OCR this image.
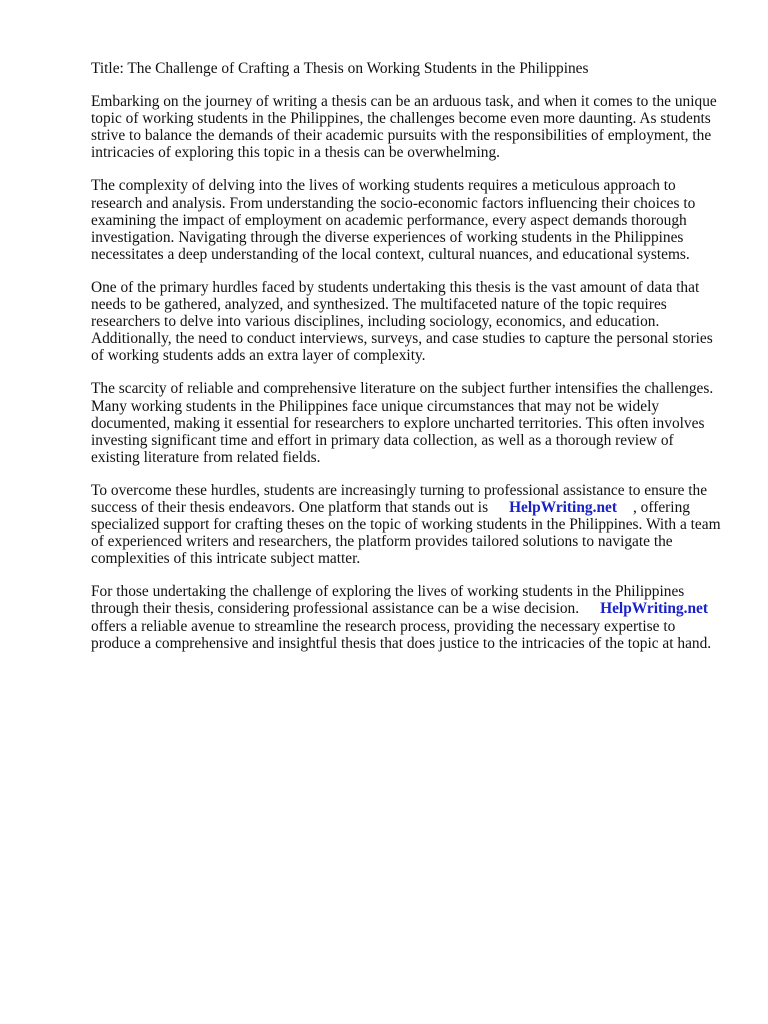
Title: The Challenge of Crafting a Thesis on Working Students in the Philippines

Embarking on the journey of writing a thesis can be an arduous task, and when it comes to the unique topic of working students in the Philippines, the challenges become even more daunting. As students strive to balance the demands of their academic pursuits with the responsibilities of employment, the intricacies of exploring this topic in a thesis can be overwhelming.

The complexity of delving into the lives of working students requires a meticulous approach to research and analysis. From understanding the socio-economic factors influencing their choices to examining the impact of employment on academic performance, every aspect demands thorough investigation. Navigating through the diverse experiences of working students in the Philippines necessitates a deep understanding of the local context, cultural nuances, and educational systems.

One of the primary hurdles faced by students undertaking this thesis is the vast amount of data that needs to be gathered, analyzed, and synthesized. The multifaceted nature of the topic requires researchers to delve into various disciplines, including sociology, economics, and education. Additionally, the need to conduct interviews, surveys, and case studies to capture the personal stories of working students adds an extra layer of complexity.

The scarcity of reliable and comprehensive literature on the subject further intensifies the challenges. Many working students in the Philippines face unique circumstances that may not be widely documented, making it essential for researchers to explore uncharted territories. This often involves investing significant time and effort in primary data collection, as well as a thorough review of existing literature from related fields.

To overcome these hurdles, students are increasingly turning to professional assistance to ensure the success of their thesis endeavors. One platform that stands out is HelpWriting.net , offering specialized support for crafting theses on the topic of working students in the Philippines. With a team of experienced writers and researchers, the platform provides tailored solutions to navigate the complexities of this intricate subject matter.

For those undertaking the challenge of exploring the lives of working students in the Philippines through their thesis, considering professional assistance can be a wise decision. HelpWriting.net offers a reliable avenue to streamline the research process, providing the necessary expertise to produce a comprehensive and insightful thesis that does justice to the intricacies of the topic at hand.
